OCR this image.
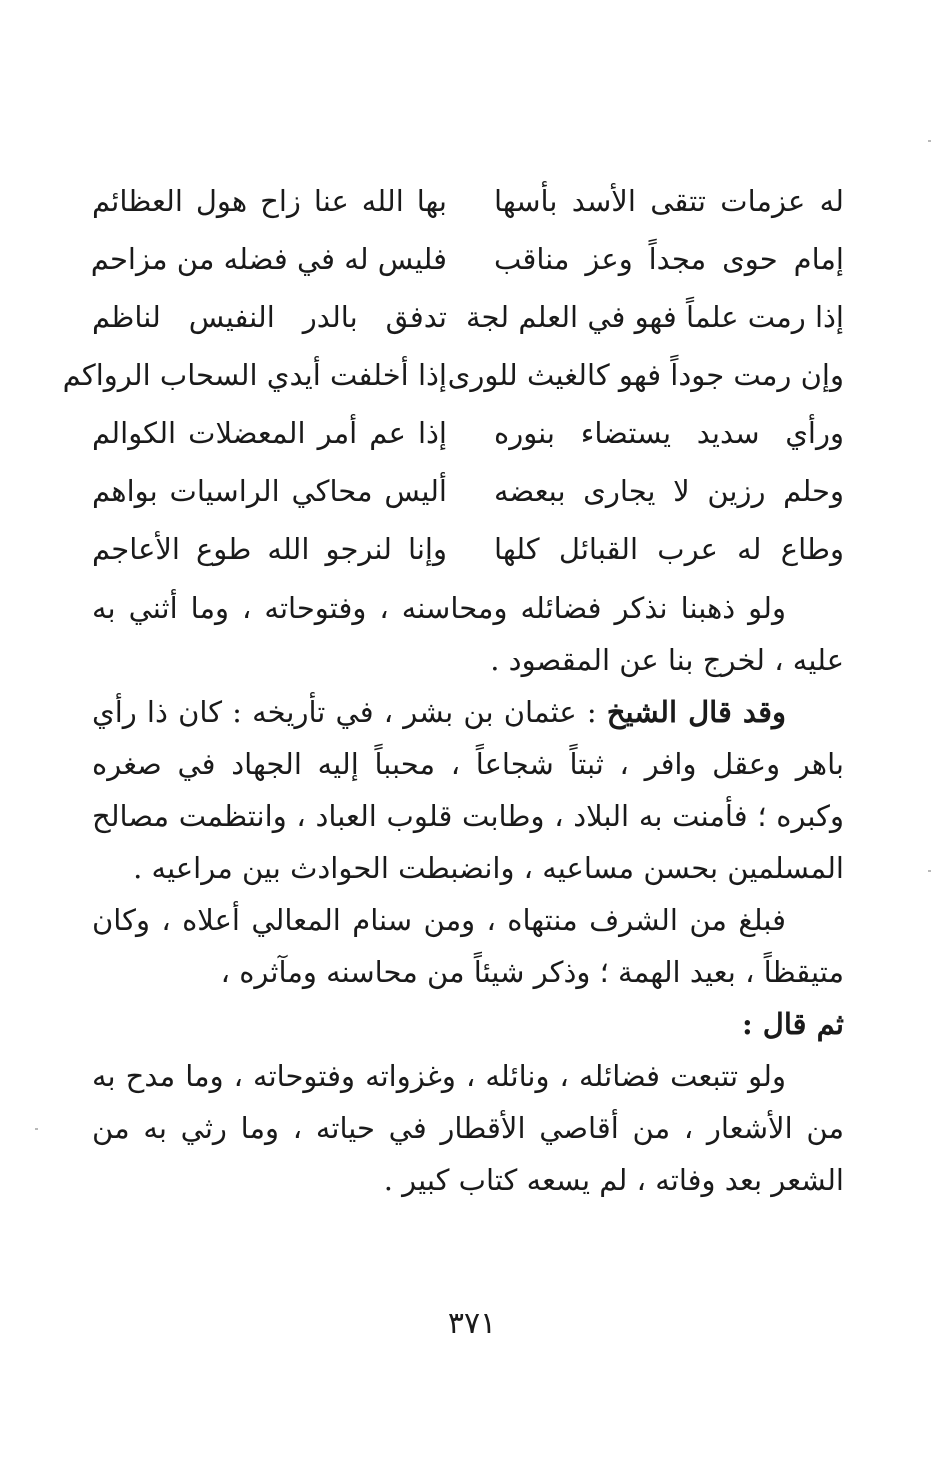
له عزمات تتقى الأسد بأسها
بها الله عنا زاح هول العظائم
إمام حوى مجداً وعز مناقب
فليس له في فضله من مزاحم
إذا رمت علماً فهو في العلم لجة
تدفق بالدر النفيس لناظم
وإن رمت جوداً فهو كالغيث للورى
إذا أخلفت أيدي السحاب الرواكم
ورأي سديد يستضاء بنوره
إذا عم أمر المعضلات الكوالم
وحلم رزين لا يجارى ببعضه
أليس محاكي الراسيات بواهم
وطاع له عرب القبائل كلها
وإنا لنرجو الله طوع الأعاجم

ولو ذهبنا نذكر فضائله ومحاسنه ، وفتوحاته ، وما أثني به عليه ، لخرج بنا عن المقصود .

وقد قال الشيخ : عثمان بن بشر ، في تأريخه : كان ذا رأي باهر وعقل وافر ، ثبتاً شجاعاً ، محبباً إليه الجهاد في صغره وكبره ؛ فأمنت به البلاد ، وطابت قلوب العباد ، وانتظمت مصالح المسلمين بحسن مساعيه ، وانضبطت الحوادث بين مراعيه .

فبلغ من الشرف منتهاه ، ومن سنام المعالي أعلاه ، وكان متيقظاً ، بعيد الهمة ؛ وذكر شيئاً من محاسنه ومآثره ،

ثم قال :

ولو تتبعت فضائله ، ونائله ، وغزواته وفتوحاته ، وما مدح به من الأشعار ، من أقاصي الأقطار في حياته ، وما رثي به من الشعر بعد وفاته ، لم يسعه كتاب كبير .

٣٧١
